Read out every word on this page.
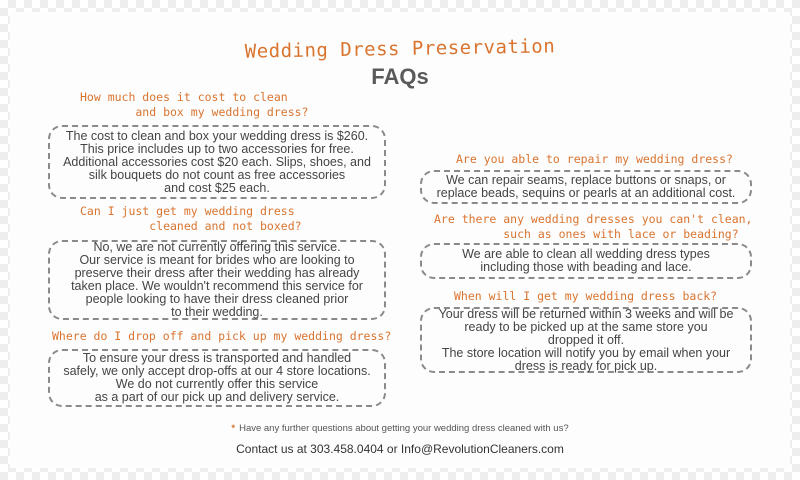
Wedding Dress Preservation
FAQs
How much does it cost to clean
and box my wedding dress?
The cost to clean and box your wedding dress is $260.
This price includes up to two accessories for free.
Additional accessories cost $20 each. Slips, shoes, and
silk bouquets do not count as free accessories
and cost $25 each.
Can I just get my wedding dress
cleaned and not boxed?
No, we are not currently offering this service.
Our service is meant for brides who are looking to
preserve their dress after their wedding has already
taken place. We wouldn't recommend this service for
people looking to have their dress cleaned prior
to their wedding.
Where do I drop off and pick up my wedding dress?
To ensure your dress is transported and handled
safely, we only accept drop-offs at our 4 store locations.
We do not currently offer this service
as a part of our pick up and delivery service.
Are you able to repair my wedding dress?
We can repair seams, replace buttons or snaps, or
replace beads, sequins or pearls at an additional cost.
Are there any wedding dresses you can't clean,
such as ones with lace or beading?
We are able to clean all wedding dress types
including those with beading and lace.
When will I get my wedding dress back?
Your dress will be returned within 3 weeks and will be
ready to be picked up at the same store you
dropped it off.
The store location will notify you by email when your
dress is ready for pick up.
* Have any further questions about getting your wedding dress cleaned with us?
Contact us at 303.458.0404 or Info@RevolutionCleaners.com
